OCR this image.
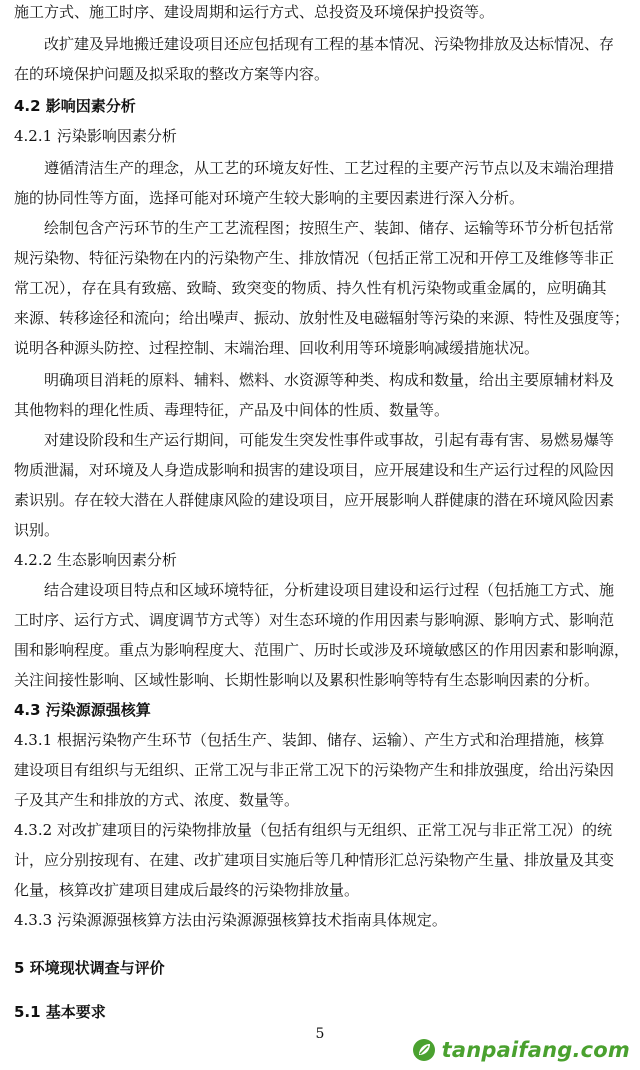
施工方式、施工时序、建设周期和运行方式、总投资及环境保护投资等。
改扩建及异地搬迁建设项目还应包括现有工程的基本情况、污染物排放及达标情况、存
在的环境保护问题及拟采取的整改方案等内容。
4.2 影响因素分析
4.2.1 污染影响因素分析
遵循清洁生产的理念，从工艺的环境友好性、工艺过程的主要产污节点以及末端治理措
施的协同性等方面，选择可能对环境产生较大影响的主要因素进行深入分析。
绘制包含产污环节的生产工艺流程图；按照生产、装卸、储存、运输等环节分析包括常
规污染物、特征污染物在内的污染物产生、排放情况（包括正常工况和开停工及维修等非正
常工况），存在具有致癌、致畸、致突变的物质、持久性有机污染物或重金属的，应明确其
来源、转移途径和流向；给出噪声、振动、放射性及电磁辐射等污染的来源、特性及强度等；
说明各种源头防控、过程控制、末端治理、回收利用等环境影响减缓措施状况。
明确项目消耗的原料、辅料、燃料、水资源等种类、构成和数量，给出主要原辅材料及
其他物料的理化性质、毒理特征，产品及中间体的性质、数量等。
对建设阶段和生产运行期间，可能发生突发性事件或事故，引起有毒有害、易燃易爆等
物质泄漏，对环境及人身造成影响和损害的建设项目，应开展建设和生产运行过程的风险因
素识别。存在较大潜在人群健康风险的建设项目，应开展影响人群健康的潜在环境风险因素
识别。
4.2.2 生态影响因素分析
结合建设项目特点和区域环境特征，分析建设项目建设和运行过程（包括施工方式、施
工时序、运行方式、调度调节方式等）对生态环境的作用因素与影响源、影响方式、影响范
围和影响程度。重点为影响程度大、范围广、历时长或涉及环境敏感区的作用因素和影响源，
关注间接性影响、区域性影响、长期性影响以及累积性影响等特有生态影响因素的分析。
4.3 污染源源强核算
4.3.1 根据污染物产生环节（包括生产、装卸、储存、运输）、产生方式和治理措施，核算
建设项目有组织与无组织、正常工况与非正常工况下的污染物产生和排放强度，给出污染因
子及其产生和排放的方式、浓度、数量等。
4.3.2 对改扩建项目的污染物排放量（包括有组织与无组织、正常工况与非正常工况）的统
计，应分别按现有、在建、改扩建项目实施后等几种情形汇总污染物产生量、排放量及其变
化量，核算改扩建项目建成后最终的污染物排放量。
4.3.3 污染源源强核算方法由污染源源强核算技术指南具体规定。
5 环境现状调查与评价
5.1 基本要求
5
tanpaifang.com
